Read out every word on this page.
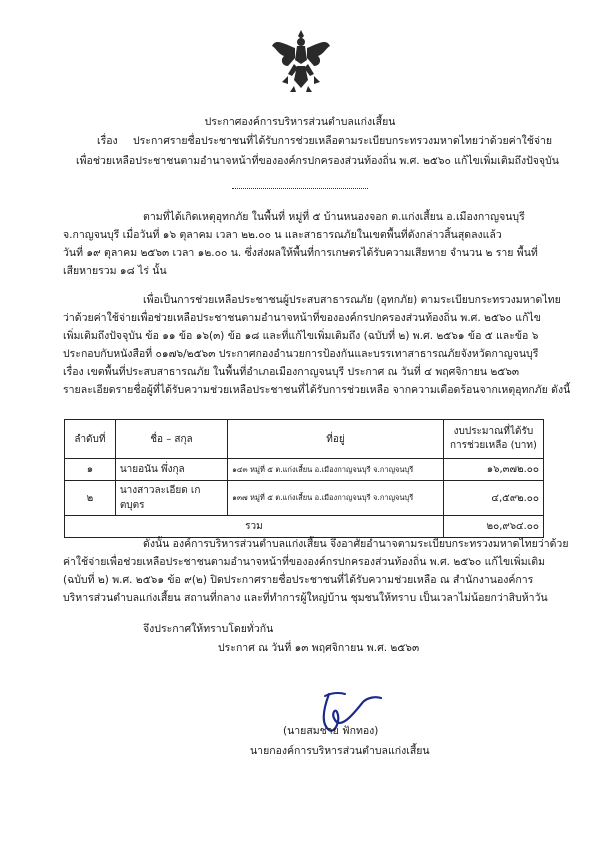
ประกาศองค์การบริหารส่วนตำบลแก่งเสี้ยน
เรื่อง ประกาศรายชื่อประชาชนที่ได้รับการช่วยเหลือตามระเบียบกระทรวงมหาดไทยว่าด้วยค่าใช้จ่าย
เพื่อช่วยเหลือประชาชนตามอำนาจหน้าที่ขององค์กรปกครองส่วนท้องถิ่น พ.ศ. ๒๕๖๐ แก้ไขเพิ่มเติมถึงปัจจุบัน
ตามที่ได้เกิดเหตุอุทกภัย ในพื้นที่ หมู่ที่ ๕ บ้านหนองจอก ต.แก่งเสี้ยน อ.เมืองกาญจนบุรี
จ.กาญจนบุรี เมื่อวันที่ ๑๖ ตุลาคม เวลา ๒๒.๐๐ น และสาธารณภัยในเขตพื้นที่ดังกล่าวสิ้นสุดลงแล้ว
วันที่ ๑๙ ตุลาคม ๒๕๖๓ เวลา ๑๒.๐๐ น. ซึ่งส่งผลให้พื้นที่การเกษตรได้รับความเสียหาย จำนวน ๒ ราย พื้นที่
เสียหายรวม ๑๘ ไร่ นั้น
เพื่อเป็นการช่วยเหลือประชาชนผู้ประสบสาธารณภัย (อุทกภัย) ตามระเบียบกระทรวงมหาดไทย
ว่าด้วยค่าใช้จ่ายเพื่อช่วยเหลือประชาชนตามอำนาจหน้าที่ขององค์กรปกครองส่วนท้องถิ่น พ.ศ. ๒๕๖๐ แก้ไข
เพิ่มเติมถึงปัจจุบัน ข้อ ๑๑ ข้อ ๑๖(๓) ข้อ ๑๘ และที่แก้ไขเพิ่มเติมถึง (ฉบับที่ ๒) พ.ศ. ๒๕๖๑ ข้อ ๕ และข้อ ๖
ประกอบกับหนังสือที่ ๐๑๗๖/๒๕๖๓ ประกาศกองอำนวยการป้องกันและบรรเทาสาธารณภัยจังหวัดกาญจนบุรี
เรื่อง เขตพื้นที่ประสบสาธารณภัย ในพื้นที่อำเภอเมืองกาญจนบุรี ประกาศ ณ วันที่ ๔ พฤศจิกายน ๒๕๖๓
รายละเอียดรายชื่อผู้ที่ได้รับความช่วยเหลือประชาชนที่ได้รับการช่วยเหลือ จากความเดือดร้อนจากเหตุอุทกภัย ดังนี้
ลำดับที่	ชื่อ – สกุล	ที่อยู่	งบประมาณที่ได้รับ การช่วยเหลือ (บาท)
๑	นายอนัน พึ่งกุล	๑๔๓ หมู่ที่ ๕ ต.แก่งเสี้ยน อ.เมืองกาญจนบุรี จ.กาญจนบุรี	๑๖,๓๗๒.๐๐
๒	นางสาวละเอียด เกตบุตร	๑๓๗ หมู่ที่ ๕ ต.แก่งเสี้ยน อ.เมืองกาญจนบุรี จ.กาญจนบุรี	๔,๕๙๒.๐๐
รวม			๒๐,๙๖๔.๐๐
ดังนั้น องค์การบริหารส่วนตำบลแก่งเสี้ยน จึงอาศัยอำนาจตามระเบียบกระทรวงมหาดไทยว่าด้วย
ค่าใช้จ่ายเพื่อช่วยเหลือประชาชนตามอำนาจหน้าที่ขององค์กรปกครองส่วนท้องถิ่น พ.ศ. ๒๕๖๐ แก้ไขเพิ่มเติม
(ฉบับที่ ๒) พ.ศ. ๒๕๖๑ ข้อ ๙(๒) ปิดประกาศรายชื่อประชาชนที่ได้รับความช่วยเหลือ ณ สำนักงานองค์การ
บริหารส่วนตำบลแก่งเสี้ยน สถานที่กลาง และที่ทำการผู้ใหญ่บ้าน ชุมชนให้ทราบ เป็นเวลาไม่น้อยกว่าสิบห้าวัน
จึงประกาศให้ทราบโดยทั่วกัน
ประกาศ ณ วันที่ ๑๓ พฤศจิกายน พ.ศ. ๒๕๖๓
(นายสมชาย ฟักทอง)
นายกองค์การบริหารส่วนตำบลแก่งเสี้ยน
